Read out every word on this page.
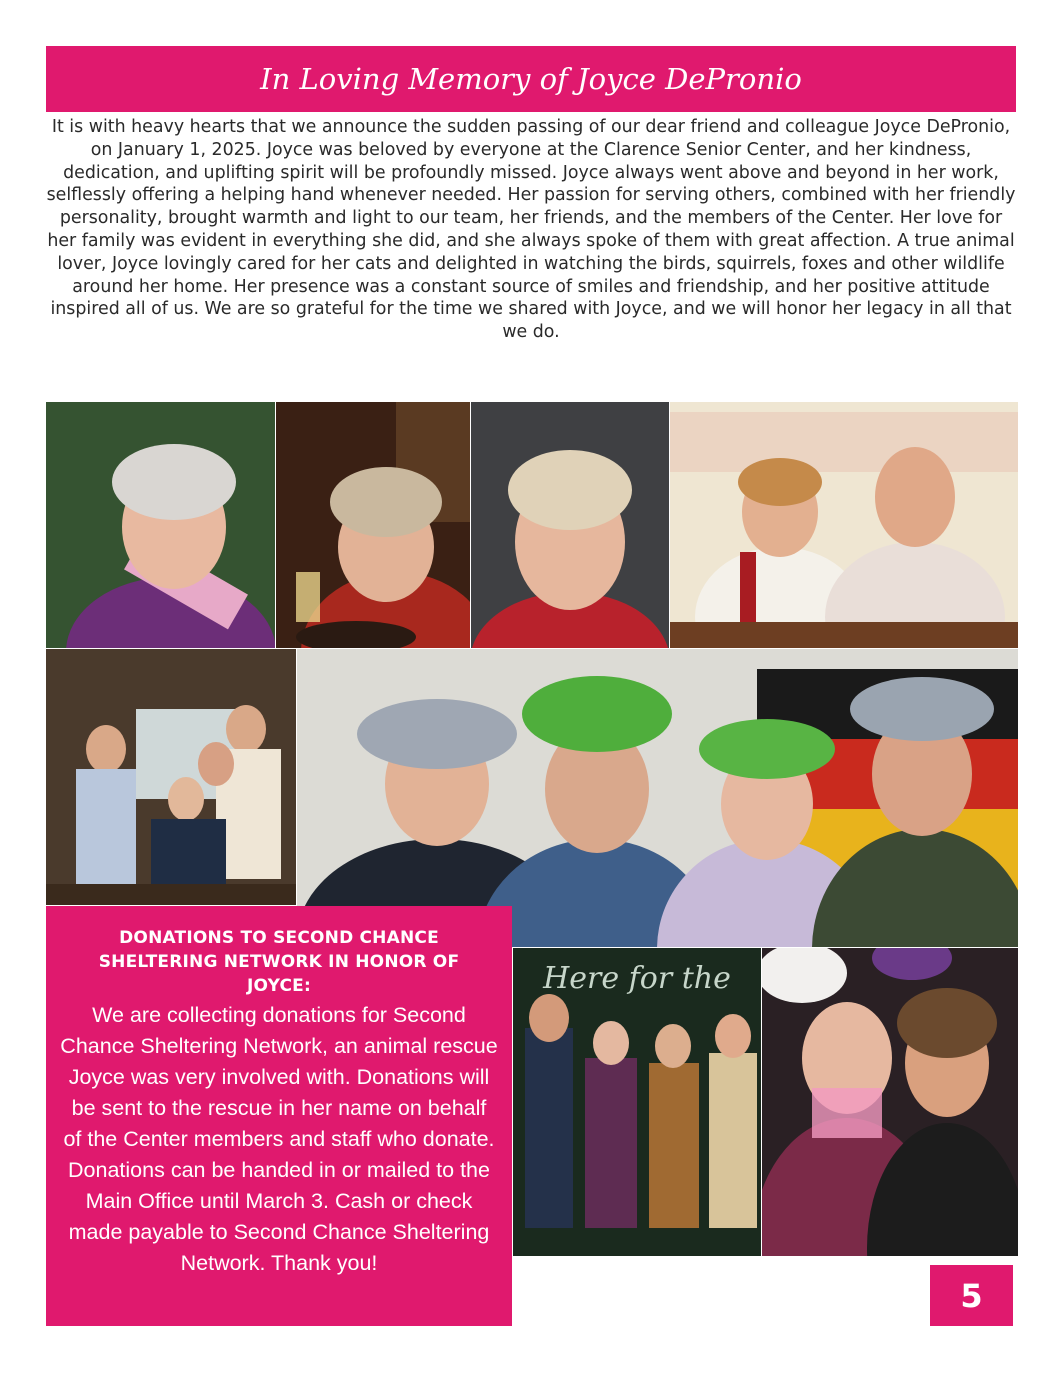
In Loving Memory of Joyce DePronio
It is with heavy hearts that we announce the sudden passing of our dear friend and colleague Joyce DePronio, on January 1, 2025. Joyce was beloved by everyone at the Clarence Senior Center, and her kindness, dedication, and uplifting spirit will be profoundly missed. Joyce always went above and beyond in her work, selflessly offering a helping hand whenever needed. Her passion for serving others, combined with her friendly personality, brought warmth and light to our team, her friends, and the members of the Center. Her love for her family was evident in everything she did, and she always spoke of them with great affection. A true animal lover, Joyce lovingly cared for her cats and delighted in watching the birds, squirrels, foxes and other wildlife around her home. Her presence was a constant source of smiles and friendship, and her positive attitude inspired all of us. We are so grateful for the time we shared with Joyce, and we will honor her legacy in all that we do.
Here for the
DONATIONS TO SECOND CHANCE SHELTERING NETWORK IN HONOR OF JOYCE:
We are collecting donations for Second Chance Sheltering Network, an animal rescue Joyce was very involved with. Donations will be sent to the rescue in her name on behalf of the Center members and staff who donate. Donations can be handed in or mailed to the Main Office until March 3. Cash or check made payable to Second Chance Sheltering Network. Thank you!
5
